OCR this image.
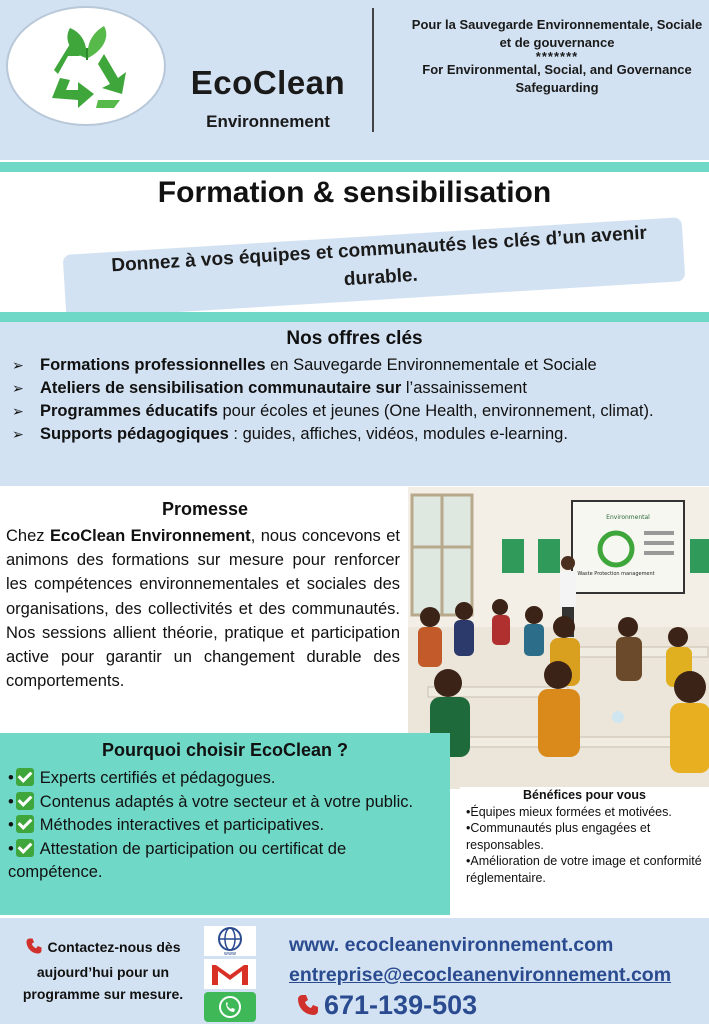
EcoClean
Environnement
Pour la Sauvegarde Environnementale, Sociale et de gouvernance
*******
For Environmental, Social, and Governance Safeguarding
Formation & sensibilisation
Donnez à vos équipes et communautés les clés d’un avenir durable.
Nos offres clés
➢ Formations professionnelles en Sauvegarde Environnementale et Sociale
➢ Ateliers de sensibilisation communautaire sur l’assainissement
➢ Programmes éducatifs pour écoles et jeunes (One Health, environnement, climat).
➢ Supports pédagogiques : guides, affiches, vidéos, modules e-learning.
Promesse
Chez EcoClean Environnement, nous concevons et animons des formations sur mesure pour renforcer les compétences environnementales et sociales des organisations, des collectivités et des communautés. Nos sessions allient théorie, pratique et participation active pour garantir un changement durable des comportements.
Environmental
Waste Protection management
Pourquoi choisir EcoClean ?
• Experts certifiés et pédagogues.
• Contenus adaptés à votre secteur et à votre public.
• Méthodes interactives et participatives.
• Attestation de participation ou certificat de compétence.
Bénéfices pour vous
•Équipes mieux formées et motivées.
•Communautés plus engagées et responsables.
•Amélioration de votre image et conformité réglementaire.
Contactez-nous dès aujourd’hui pour un programme sur mesure.
www	www. ecocleanenvironnement.com
entreprise@ecocleanenvironnement.com
671-139-503
